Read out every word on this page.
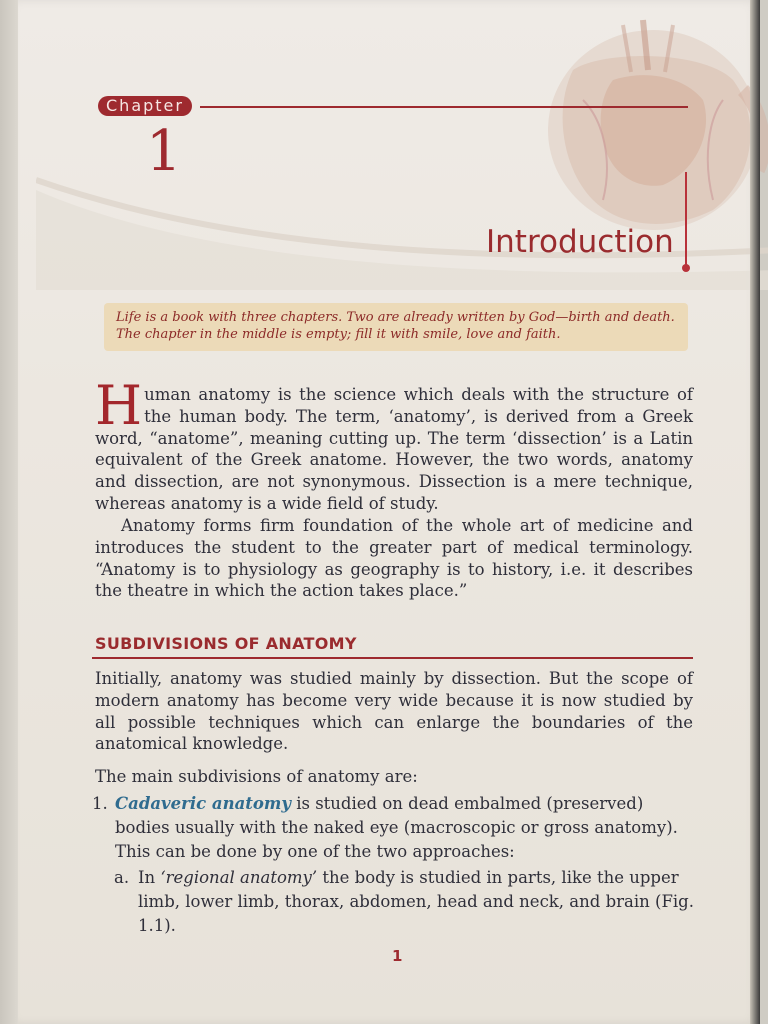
Chapter
1
Introduction
Life is a book with three chapters. Two are already written by God—birth and death. The chapter in the middle is empty; fill it with smile, love and faith.
Human anatomy is the science which deals with the structure of the human body. The term, ‘anatomy’, is derived from a Greek word, “anatome”, meaning cutting up. The term ‘dissection’ is a Latin equivalent of the Greek anatome. However, the two words, anatomy and dissection, are not synonymous. Dissection is a mere technique, whereas anatomy is a wide field of study.
Anatomy forms firm foundation of the whole art of medicine and introduces the student to the greater part of medical terminology. “Anatomy is to physiology as geography is to history, i.e. it describes the theatre in which the action takes place.”
SUBDIVISIONS OF ANATOMY
Initially, anatomy was studied mainly by dissection. But the scope of modern anatomy has become very wide because it is now studied by all possible techniques which can enlarge the boundaries of the anatomical knowledge.
The main subdivisions of anatomy are:
1. Cadaveric anatomy is studied on dead embalmed (preserved) bodies usually with the naked eye (macroscopic or gross anatomy). This can be done by one of the two approaches:
a. In ‘regional anatomy’ the body is studied in parts, like the upper limb, lower limb, thorax, abdomen, head and neck, and brain (Fig. 1.1).
1
